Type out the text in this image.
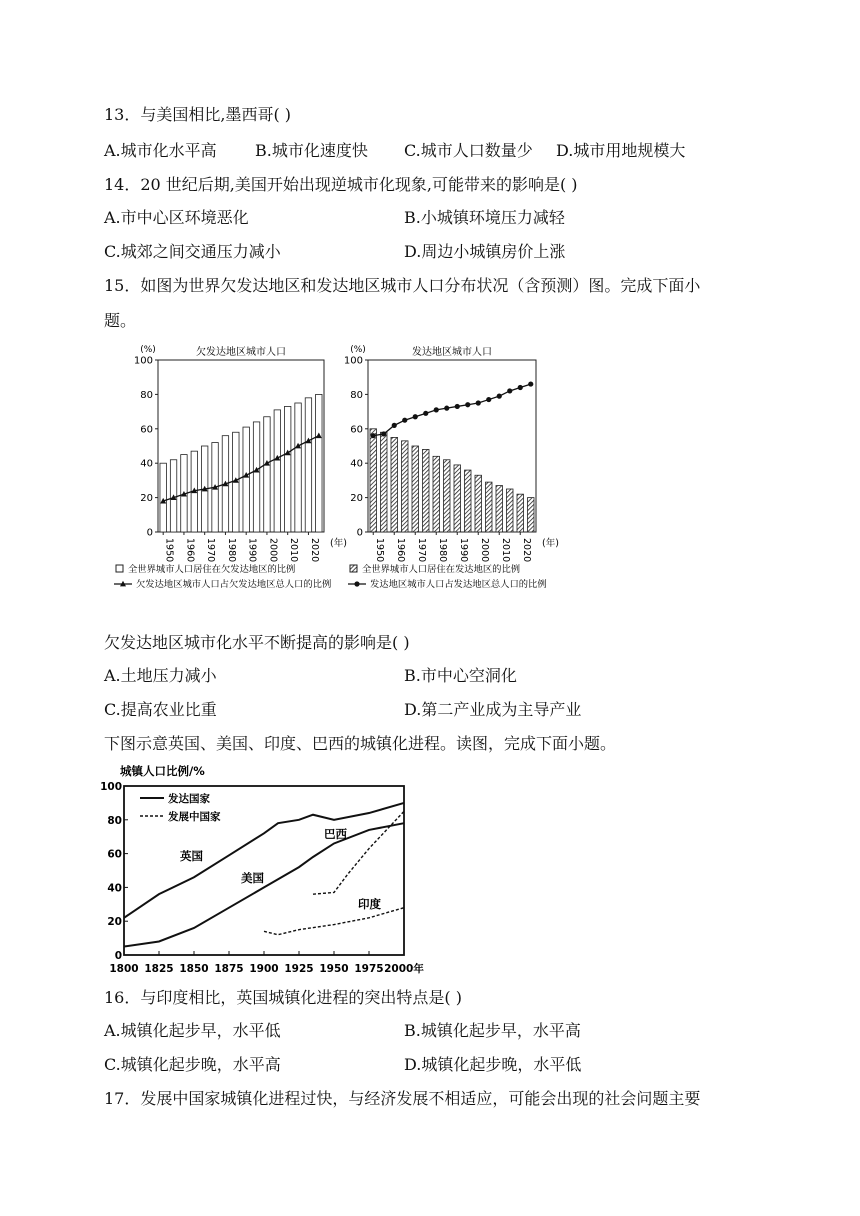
13．与美国相比,墨西哥( )
A.城市化水平高 B.城市化速度快 C.城市人口数量少 D.城市用地规模大
14．20 世纪后期,美国开始出现逆城市化现象,可能带来的影响是( )
A.市中心区环境恶化	B.小城镇环境压力减轻
C.城郊之间交通压力减小	D.周边小城镇房价上涨
15．如图为世界欠发达地区和发达地区城市人口分布状况（含预测）图。完成下面小
题。
欠发达地区城市人口
(%)
0
20
40
60
80
100
1950 1960 1970 1980 1990 2000 2010 2020 (年)
发达地区城市人口
(%)
0
20
40
60
80
100
1950 1960 1970 1980 1990 2000 2010 2020 (年)
全世界城市人口居住在欠发达地区的比例	全世界城市人口居住在发达地区的比例
欠发达地区城市人口占欠发达地区总人口的比例	发达地区城市人口占发达地区总人口的比例
欠发达地区城市化水平不断提高的影响是( )
A.土地压力减小	B.市中心空洞化
C.提高农业比重	D.第二产业成为主导产业
下图示意英国、美国、印度、巴西的城镇化进程。读图，完成下面小题。
城镇人口比例/%
0
20
40
60
80
100
1800 1825 1850 1875 1900 1925 1950 1975 2000年
发达国家
发展中国家
英国
美国
巴西
印度
16．与印度相比，英国城镇化进程的突出特点是( )
A.城镇化起步早，水平低	B.城镇化起步早，水平高
C.城镇化起步晚，水平高	D.城镇化起步晚，水平低
17．发展中国家城镇化进程过快，与经济发展不相适应，可能会出现的社会问题主要
